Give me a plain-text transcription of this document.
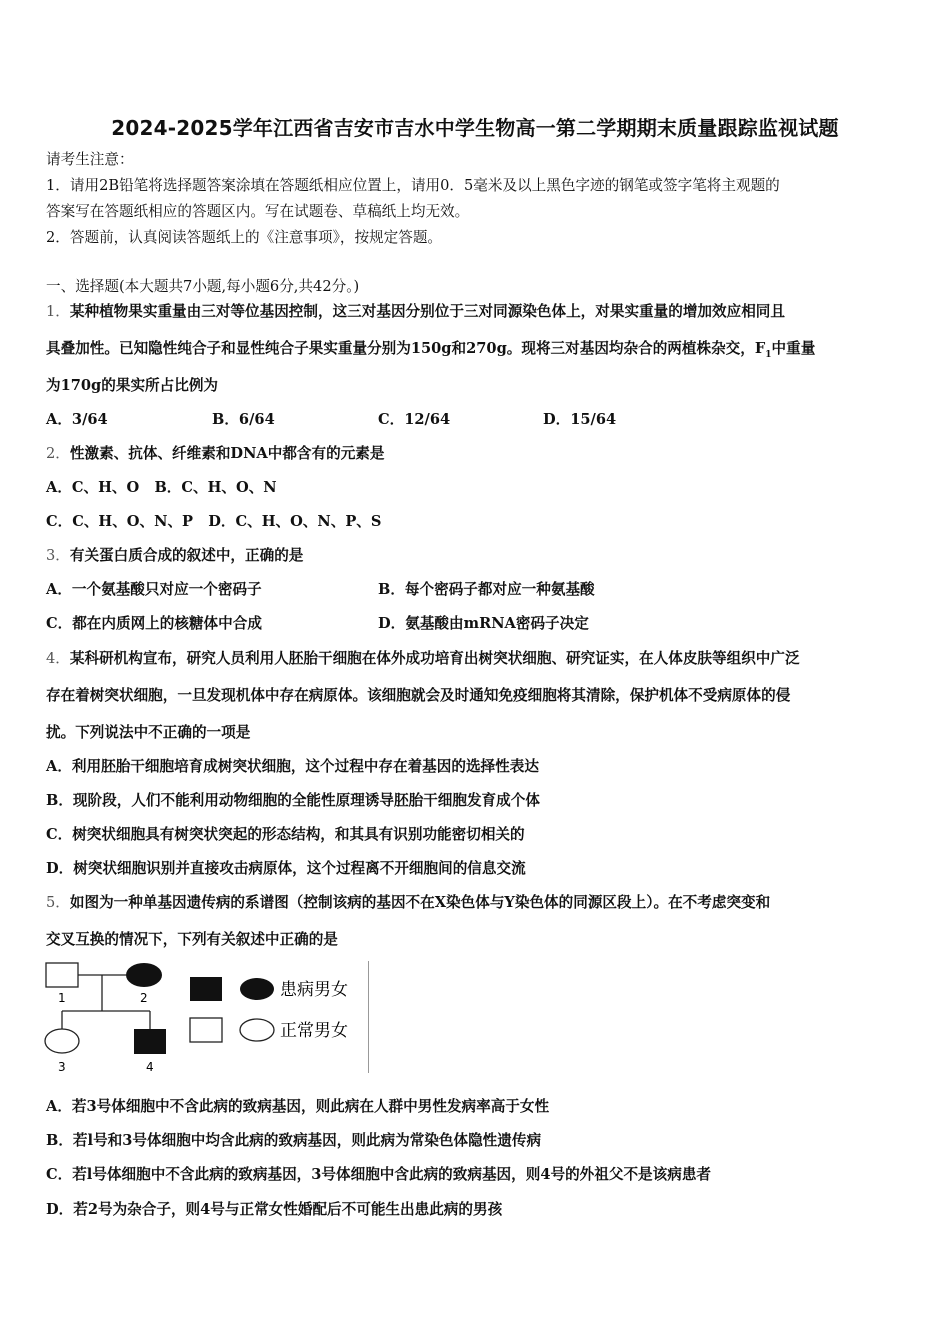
2024-2025学年江西省吉安市吉水中学生物高一第二学期期末质量跟踪监视试题
请考生注意：
1．请用2B铅笔将选择题答案涂填在答题纸相应位置上，请用0．5毫米及以上黑色字迹的钢笔或签字笔将主观题的
答案写在答题纸相应的答题区内。写在试题卷、草稿纸上均无效。
2．答题前，认真阅读答题纸上的《注意事项》，按规定答题。
一、选择题(本大题共7小题,每小题6分,共42分。)
1．某种植物果实重量由三对等位基因控制，这三对基因分别位于三对同源染色体上，对果实重量的增加效应相同且
具叠加性。已知隐性纯合子和显性纯合子果实重量分别为150g和270g。现将三对基因均杂合的两植株杂交，$F_1$中重量
为170g的果实所占比例为
A．3/64	B．6/64	C．12/64	D．15/64
2．性激素、抗体、纤维素和DNA中都含有的元素是
A．C、H、O   B．C、H、O、N
C．C、H、O、N、P   D．C、H、O、N、P、S
3．有关蛋白质合成的叙述中，正确的是
A．一个氨基酸只对应一个密码子	B．每个密码子都对应一种氨基酸
C．都在内质网上的核糖体中合成	D．氨基酸由mRNA密码子决定
4．某科研机构宣布，研究人员利用人胚胎干细胞在体外成功培育出树突状细胞、研究证实，在人体皮肤等组织中广泛
存在着树突状细胞，一旦发现机体中存在病原体。该细胞就会及时通知免疫细胞将其清除，保护机体不受病原体的侵
扰。下列说法中不正确的一项是
A．利用胚胎干细胞培育成树突状细胞，这个过程中存在着基因的选择性表达
B．现阶段，人们不能利用动物细胞的全能性原理诱导胚胎干细胞发育成个体
C．树突状细胞具有树突状突起的形态结构，和其具有识别功能密切相关的
D．树突状细胞识别并直接攻击病原体，这个过程离不开细胞间的信息交流
5．如图为一种单基因遗传病的系谱图（控制该病的基因不在X染色体与Y染色体的同源区段上）。在不考虑突变和
交叉互换的情况下，下列有关叙述中正确的是
1	2
3	4
患病男女
正常男女
A．若3号体细胞中不含此病的致病基因，则此病在人群中男性发病率高于女性
B．若l号和3号体细胞中均含此病的致病基因，则此病为常染色体隐性遗传病
C．若l号体细胞中不含此病的致病基因，3号体细胞中含此病的致病基因，则4号的外祖父不是该病患者
D．若2号为杂合子，则4号与正常女性婚配后不可能生出患此病的男孩
